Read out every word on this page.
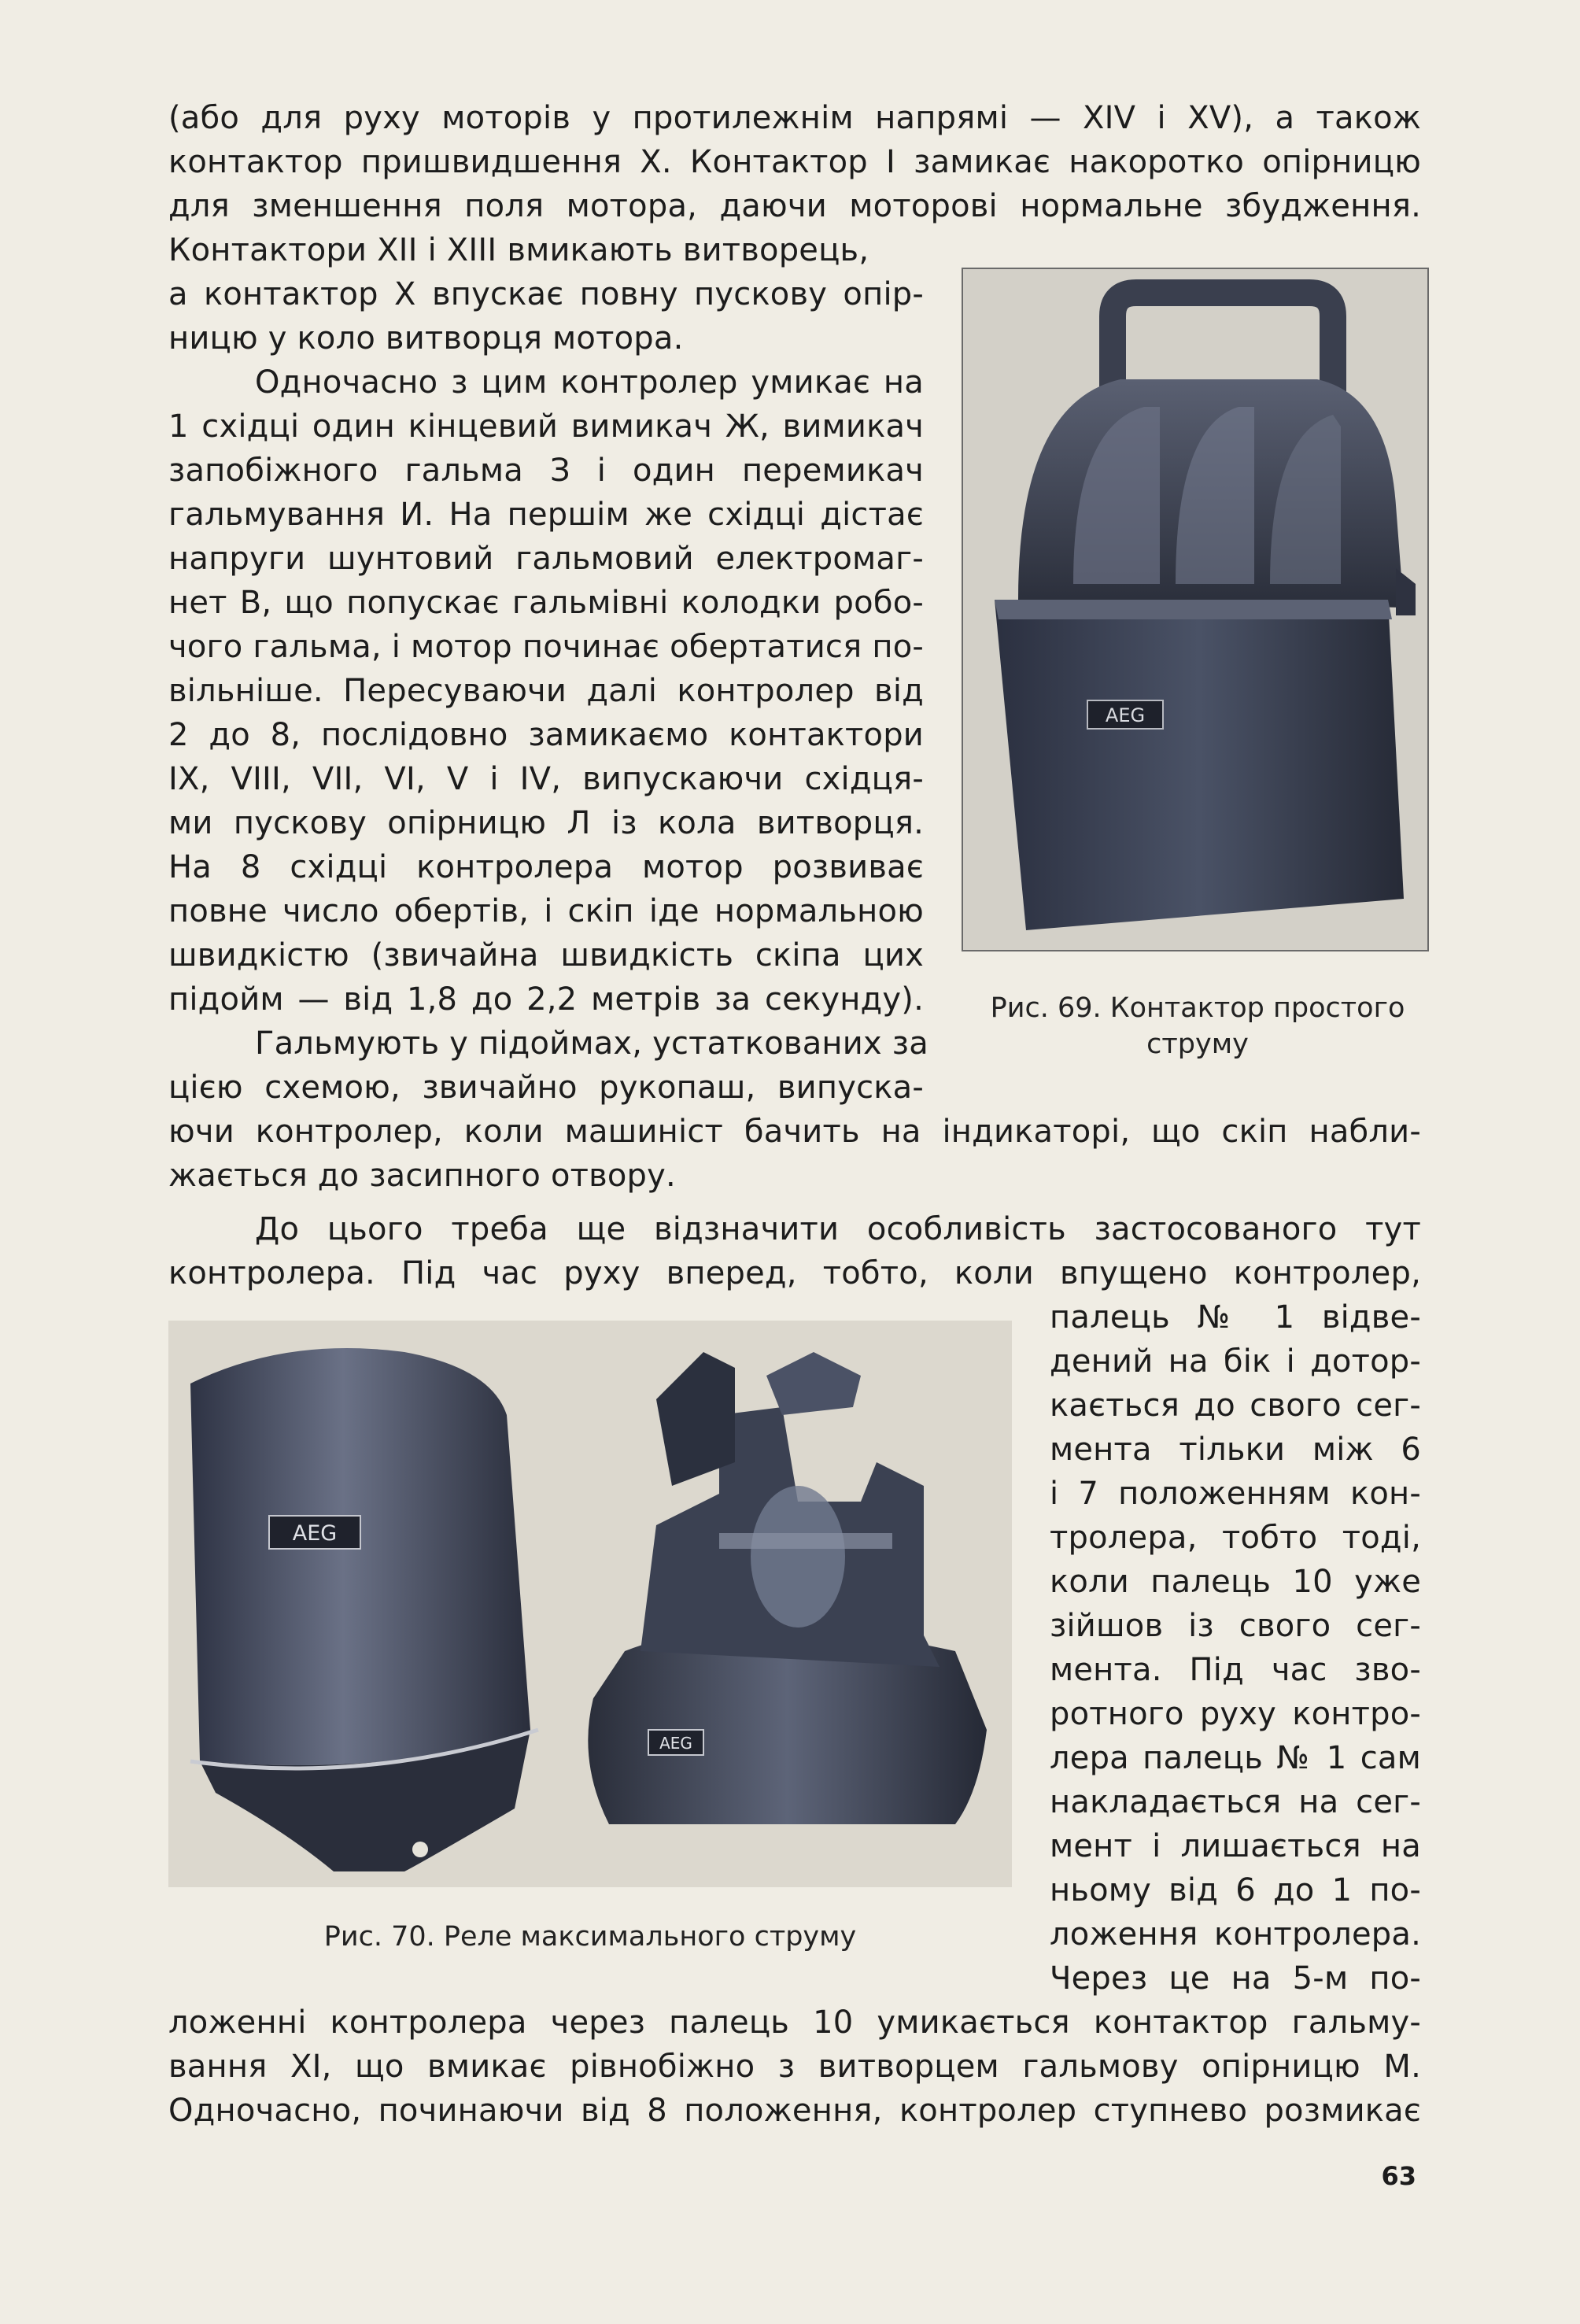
(або для руху моторів у протилежнім напрямі — XIV і XV), а також
контактор пришвидшення X. Контактор І замикає накоротко опірницю
для зменшення поля мотора, даючи моторові нормальне збудження.
Контактори XII і XIII вмикають витворець,
а контактор X впускає повну пускову опір-
ницю у коло витворця мотора.
Одночасно з цим контролер умикає на
1 східці один кінцевий вимикач Ж, вимикач
запобіжного гальма З і один перемикач
гальмування И. На першім же східці дістає
напруги шунтовий гальмовий електромаг-
нет В, що попускає гальмівні колодки робо-
чого гальма, і мотор починає обертатися по-
вільніше. Пересуваючи далі контролер від
2 до 8, послідовно замикаємо контактори
IX, VIII, VII, VI, V і IV, випускаючи східця-
ми пускову опірницю Л із кола витворця.
На 8 східці контролера мотор розвиває
повне число обертів, і скіп іде нормальною
швидкістю (звичайна швидкість скіпа цих
підойм — від 1,8 до 2,2 метрів за секунду).
Гальмують у підоймах, устаткованих за
цією схемою, звичайно рукопаш, випуска-
AEG
Рис. 69. Контактор простого
струму
ючи контролер, коли машиніст бачить на індикаторі, що скіп набли-
жається до засипного отвору.
До цього треба ще відзначити особливість застосованого тут
контролера. Під час руху вперед, тобто, коли впущено контролер,
AEG
AEG
Рис. 70. Реле максимального струму
палець № 1 відве-
дений на бік і дотор-
кається до свого сег-
мента тільки між 6
і 7 положенням кон-
тролера, тобто тоді,
коли палець 10 уже
зійшов із свого сег-
мента. Під час зво-
ротного руху контро-
лера палець № 1 сам
накладається на сег-
мент і лишається на
ньому від 6 до 1 по-
ложення контролера.
Через це на 5-м по-
ложенні контролера через палець 10 умикається контактор гальму-
вання XI, що вмикає рівнобіжно з витворцем гальмову опірницю М.
Одночасно, починаючи від 8 положення, контролер ступнево розмикає
63
